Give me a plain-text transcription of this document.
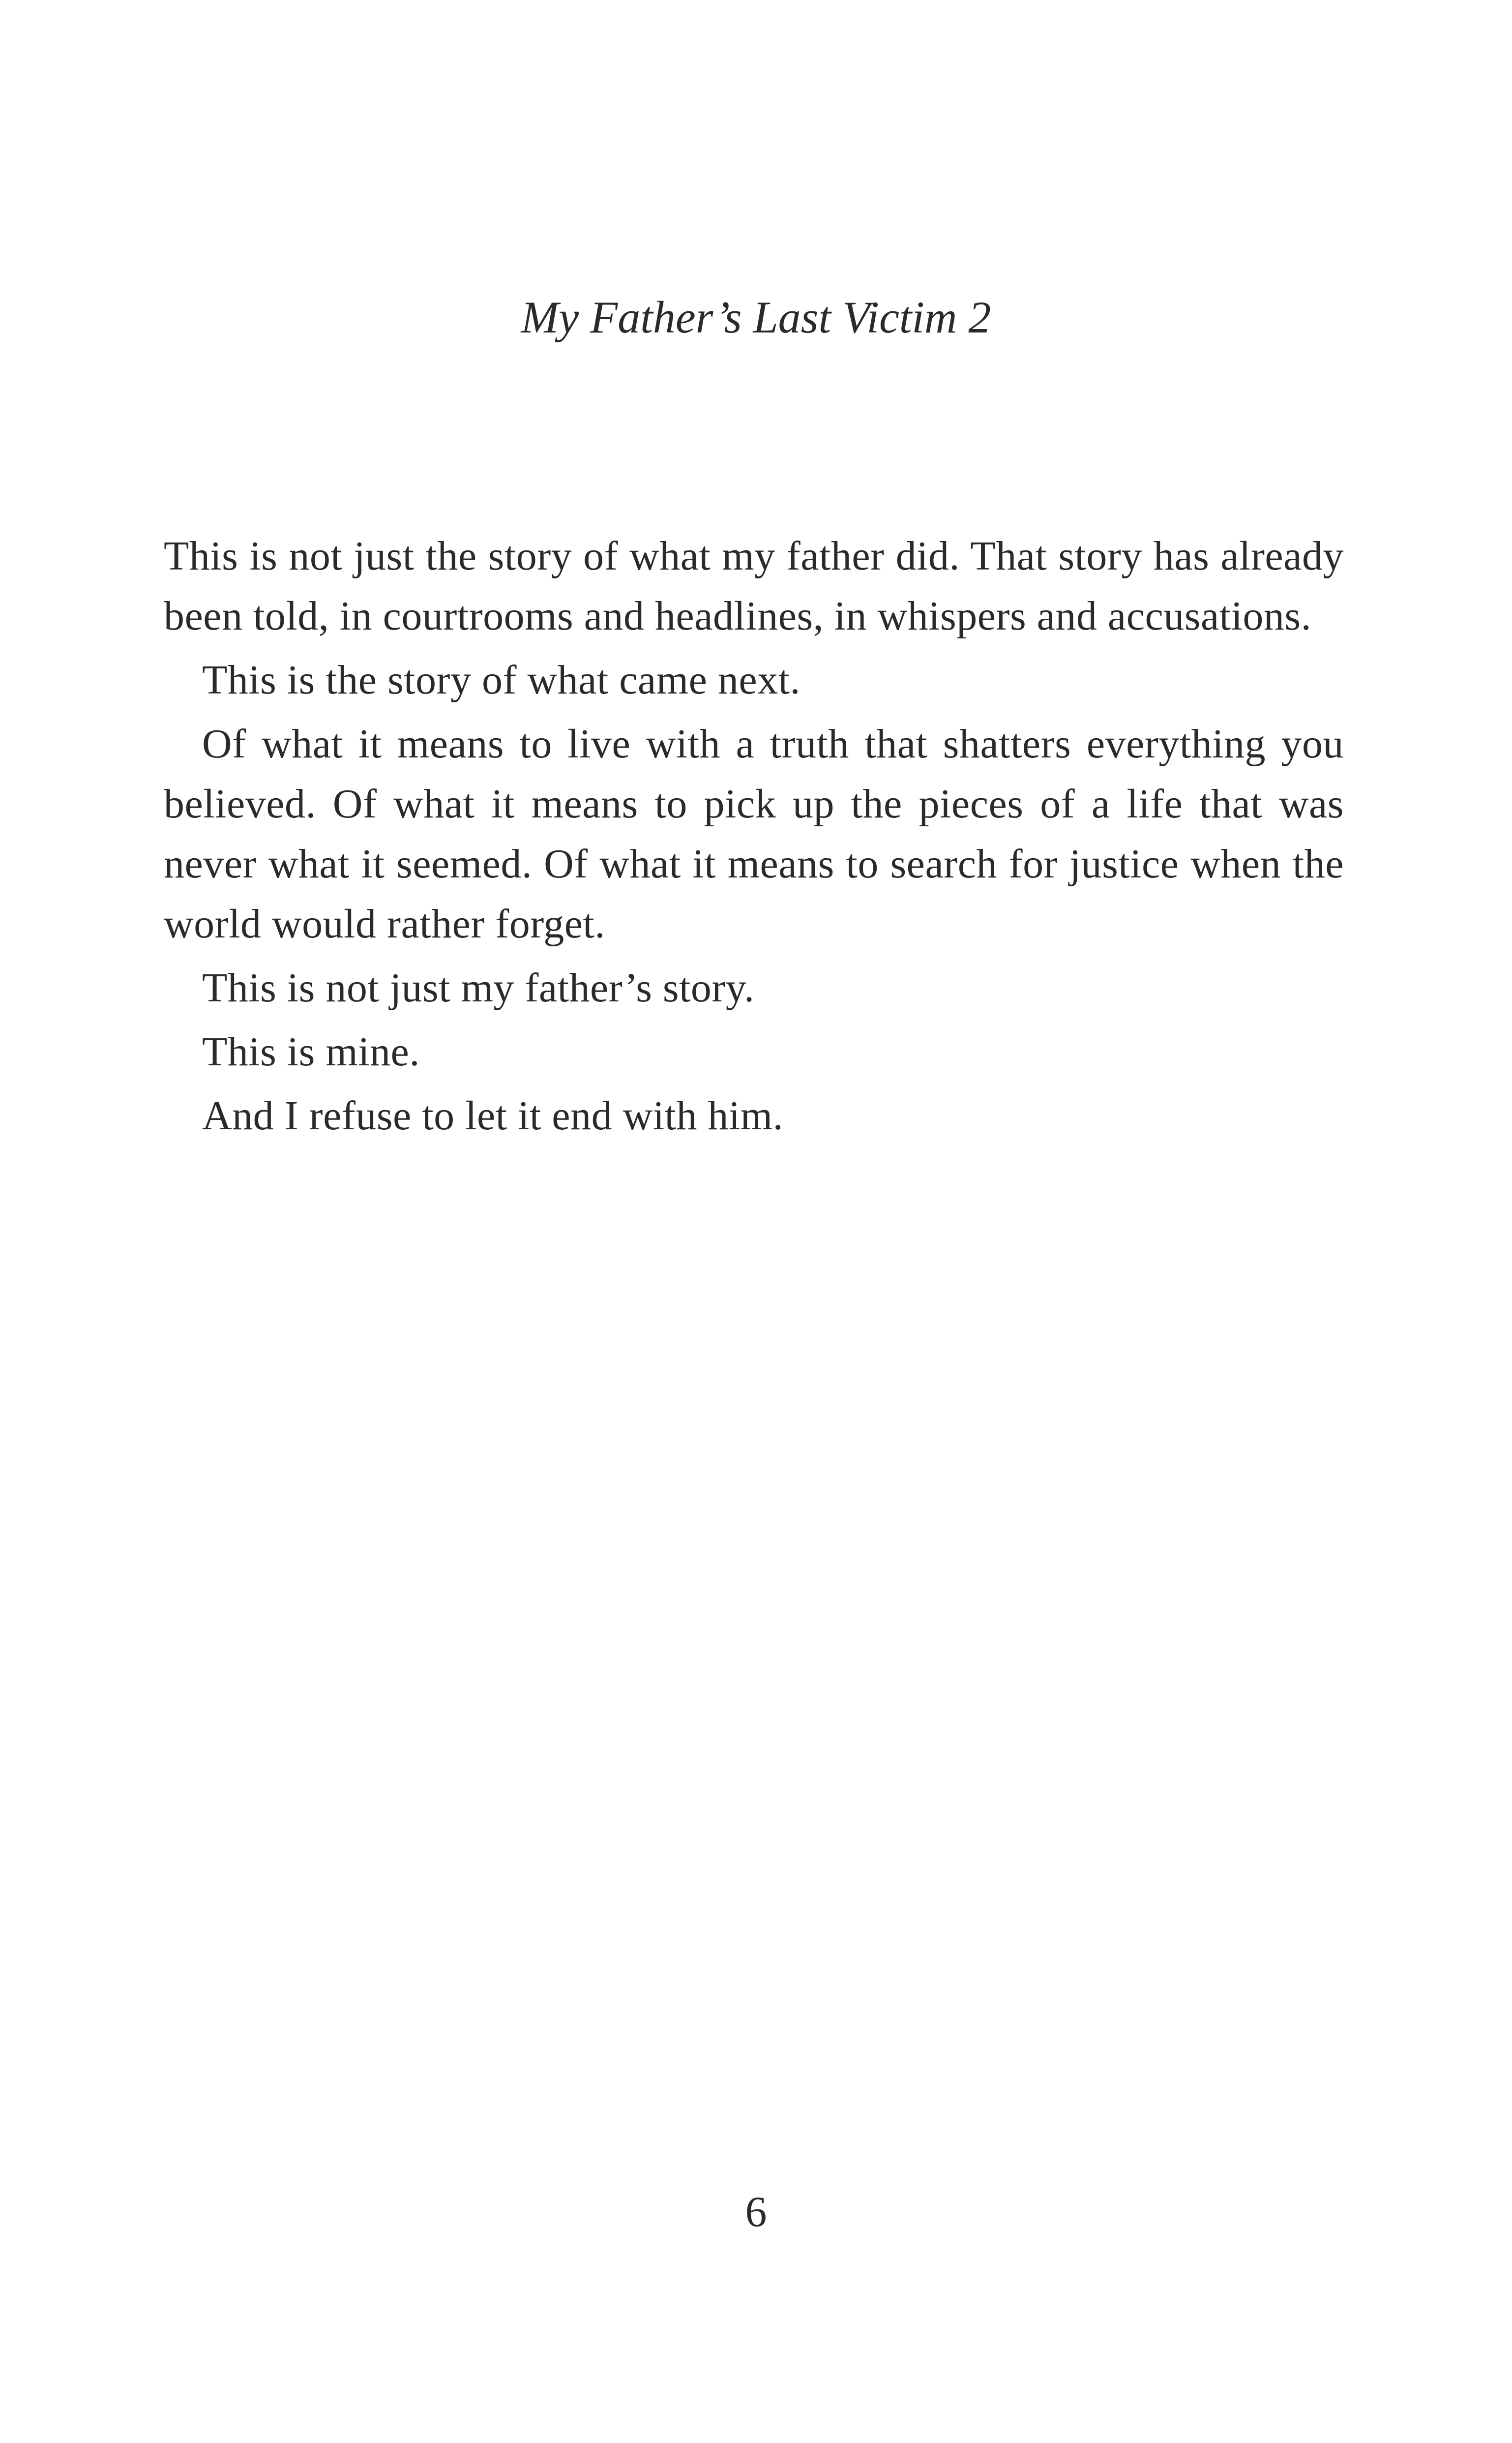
My Father’s Last Victim 2

This is not just the story of what my father did. That story has already been told, in courtrooms and headlines, in whispers and accusations.

This is the story of what came next.

Of what it means to live with a truth that shatters everything you believed. Of what it means to pick up the pieces of a life that was never what it seemed. Of what it means to search for justice when the world would rather forget.

This is not just my father’s story.

This is mine.

And I refuse to let it end with him.

6
